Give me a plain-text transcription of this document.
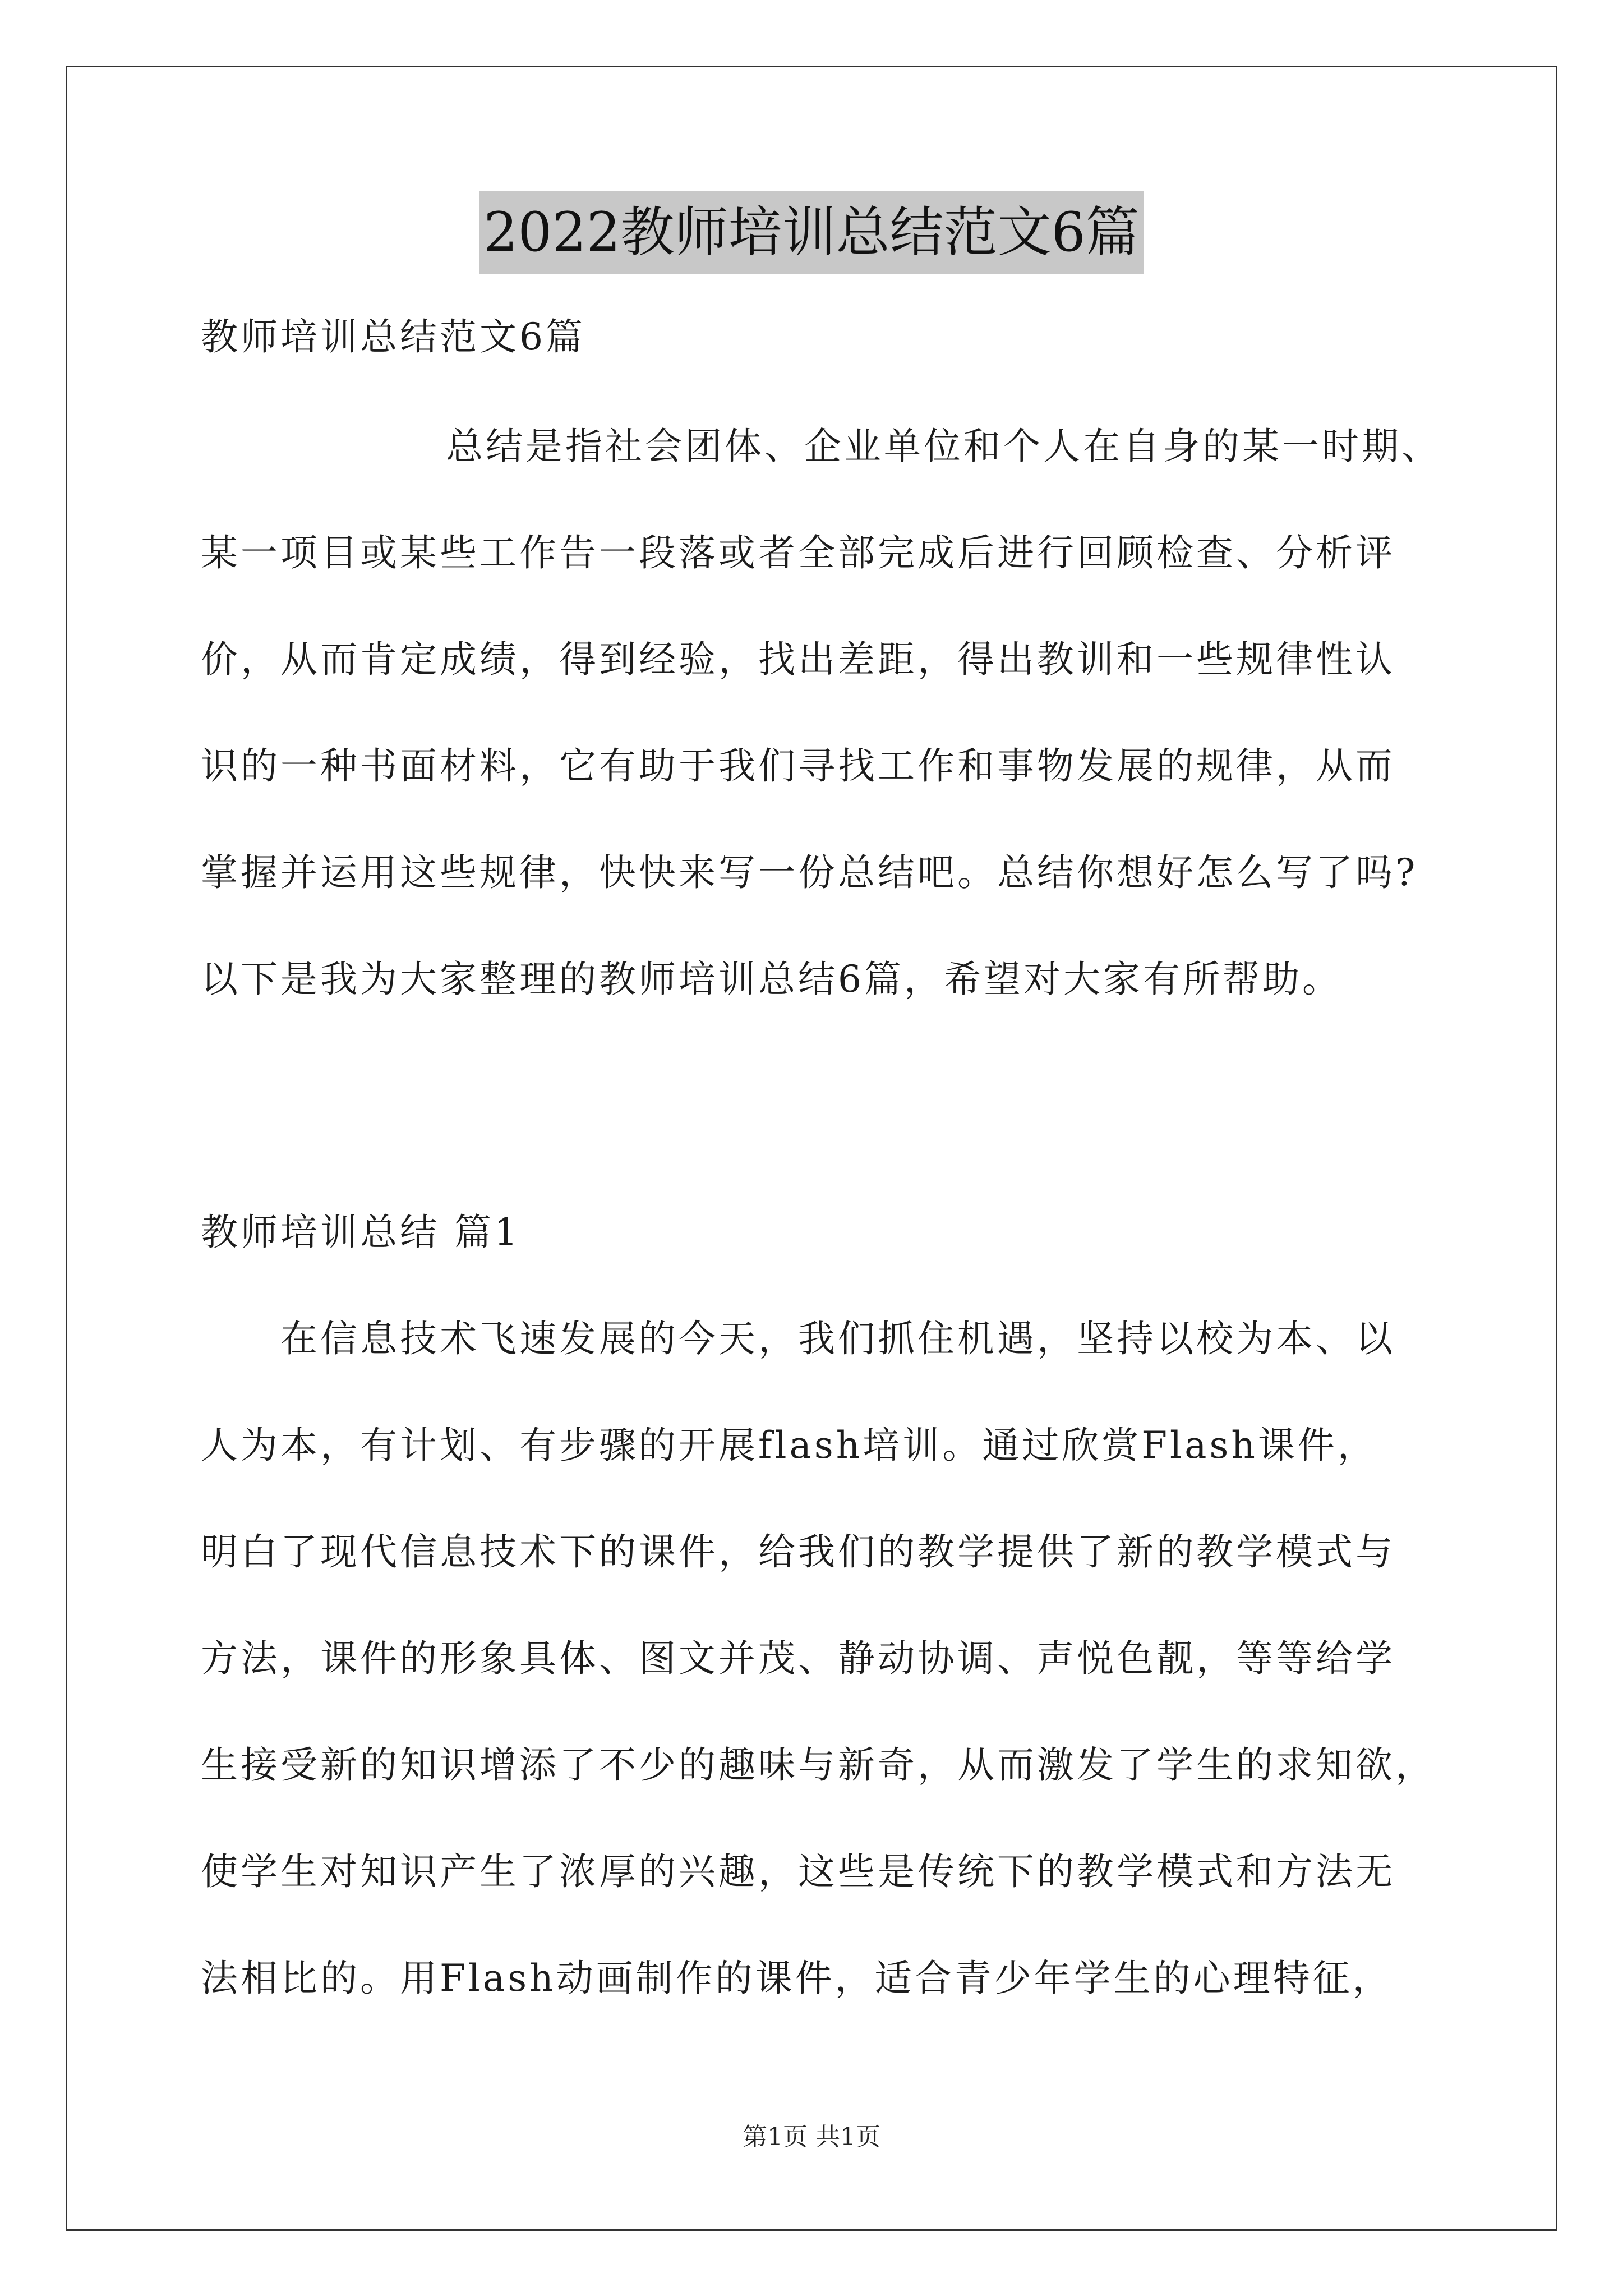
2022教师培训总结范文6篇
教师培训总结范文6篇
总结是指社会团体、企业单位和个人在自身的某一时期、
某一项目或某些工作告一段落或者全部完成后进行回顾检查、分析评
价，从而肯定成绩，得到经验，找出差距，得出教训和一些规律性认
识的一种书面材料，它有助于我们寻找工作和事物发展的规律，从而
掌握并运用这些规律，快快来写一份总结吧。总结你想好怎么写了吗?
以下是我为大家整理的教师培训总结6篇，希望对大家有所帮助。
教师培训总结 篇1
在信息技术飞速发展的今天，我们抓住机遇，坚持以校为本、以
人为本，有计划、有步骤的开展flash培训。通过欣赏Flash课件，
明白了现代信息技术下的课件，给我们的教学提供了新的教学模式与
方法，课件的形象具体、图文并茂、静动协调、声悦色靓，等等给学
生接受新的知识增添了不少的趣味与新奇，从而激发了学生的求知欲，
使学生对知识产生了浓厚的兴趣，这些是传统下的教学模式和方法无
法相比的。用Flash动画制作的课件，适合青少年学生的心理特征，
第1页 共1页
